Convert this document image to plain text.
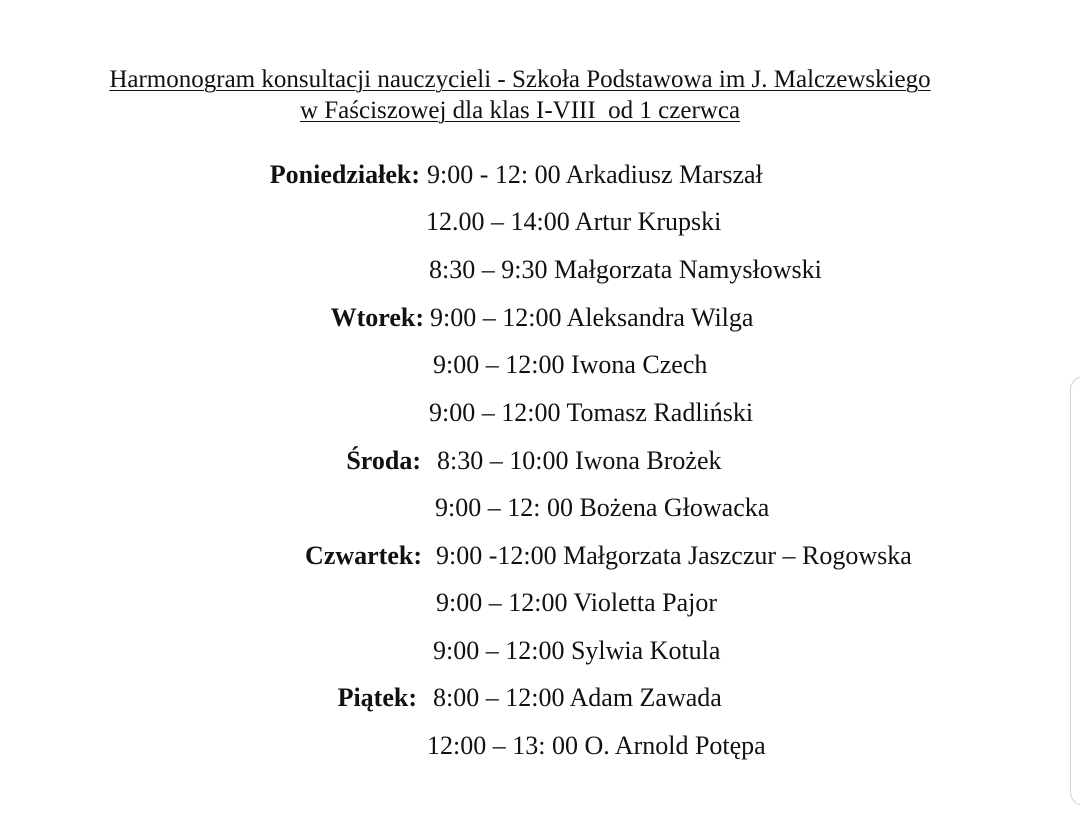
Harmonogram konsultacji nauczycieli - Szkoła Podstawowa im J. Malczewskiego
w Faściszowej dla klas I-VIII  od 1 czerwca

Poniedziałek:

9:00 - 12: 00 Arkadiusz Marszał

12.00 – 14:00 Artur Krupski

8:30 – 9:30 Małgorzata Namysłowski

Wtorek:

9:00 – 12:00 Aleksandra Wilga

9:00 – 12:00 Iwona Czech

9:00 – 12:00 Tomasz Radliński

Środa:

8:30 – 10:00 Iwona Brożek

9:00 – 12: 00 Bożena Głowacka

Czwartek:

9:00 -12:00 Małgorzata Jaszczur – Rogowska

9:00 – 12:00 Violetta Pajor

9:00 – 12:00 Sylwia Kotula

Piątek:

8:00 – 12:00 Adam Zawada

12:00 – 13: 00 O. Arnold Potępa
